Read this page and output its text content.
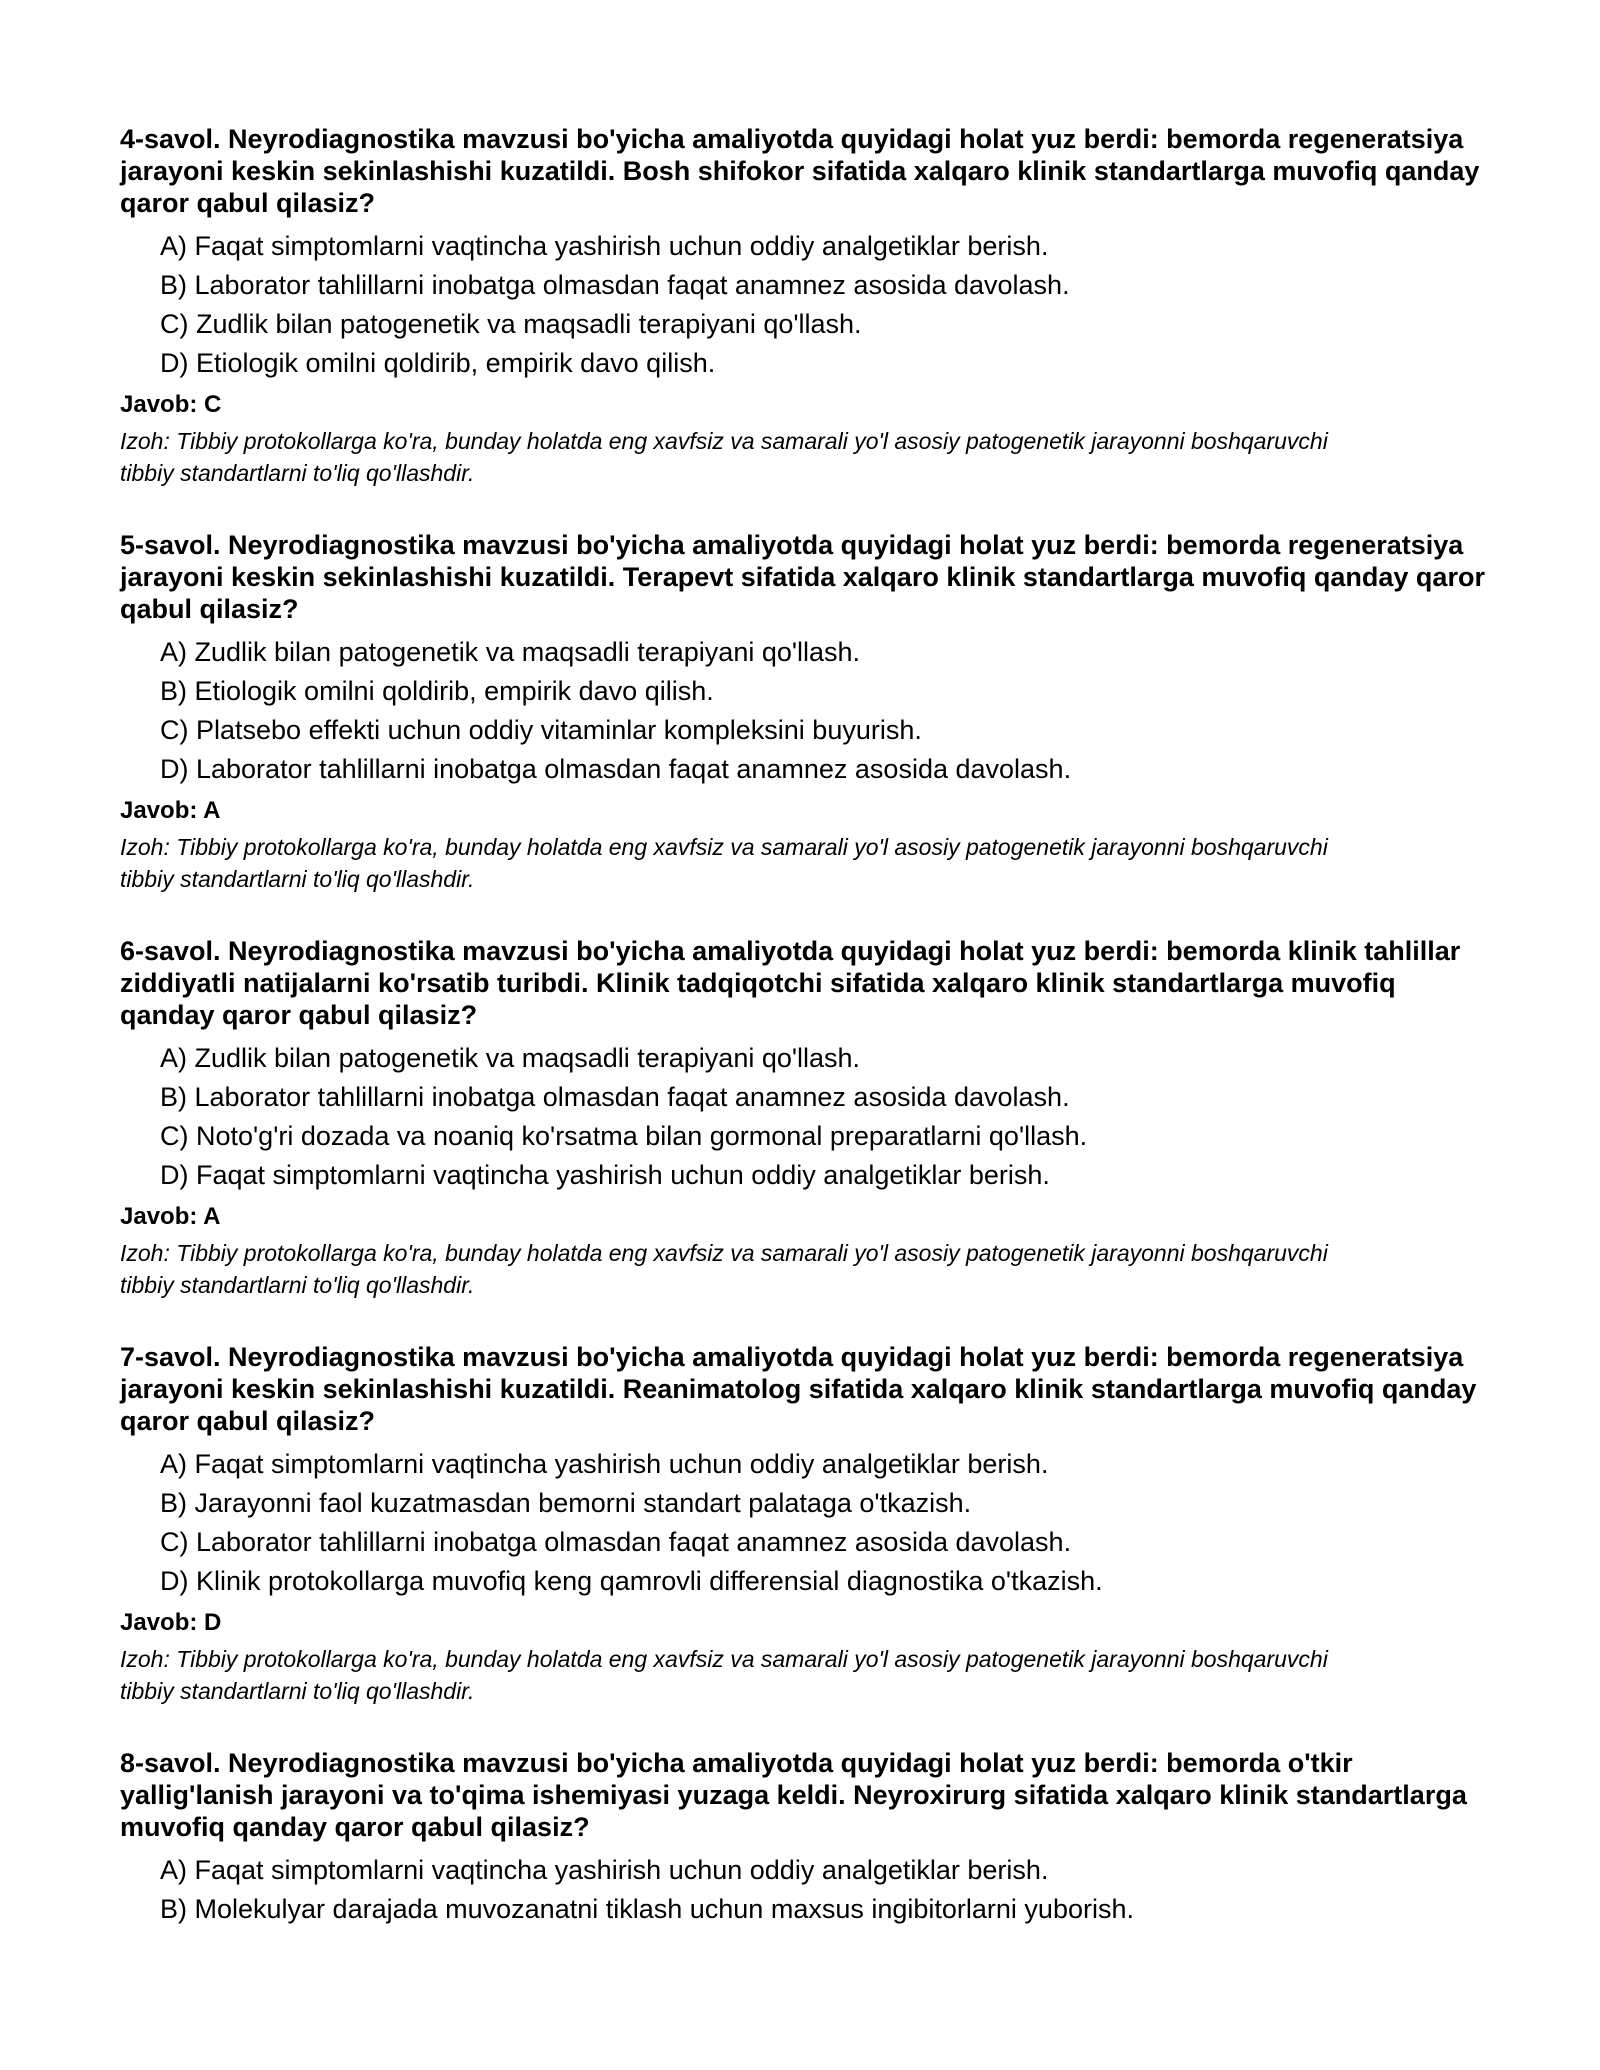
4-savol. Neyrodiagnostika mavzusi bo'yicha amaliyotda quyidagi holat yuz berdi: bemorda regeneratsiya jarayoni keskin sekinlashishi kuzatildi. Bosh shifokor sifatida xalqaro klinik standartlarga muvofiq qanday qaror qabul qilasiz?

A) Faqat simptomlarni vaqtincha yashirish uchun oddiy analgetiklar berish.
B) Laborator tahlillarni inobatga olmasdan faqat anamnez asosida davolash.
C) Zudlik bilan patogenetik va maqsadli terapiyani qo'llash.
D) Etiologik omilni qoldirib, empirik davo qilish.

Javob: C

Izoh: Tibbiy protokollarga ko'ra, bunday holatda eng xavfsiz va samarali yo'l asosiy patogenetik jarayonni boshqaruvchi tibbiy standartlarni to'liq qo'llashdir.

5-savol. Neyrodiagnostika mavzusi bo'yicha amaliyotda quyidagi holat yuz berdi: bemorda regeneratsiya jarayoni keskin sekinlashishi kuzatildi. Terapevt sifatida xalqaro klinik standartlarga muvofiq qanday qaror qabul qilasiz?

A) Zudlik bilan patogenetik va maqsadli terapiyani qo'llash.
B) Etiologik omilni qoldirib, empirik davo qilish.
C) Platsebo effekti uchun oddiy vitaminlar kompleksini buyurish.
D) Laborator tahlillarni inobatga olmasdan faqat anamnez asosida davolash.

Javob: A

Izoh: Tibbiy protokollarga ko'ra, bunday holatda eng xavfsiz va samarali yo'l asosiy patogenetik jarayonni boshqaruvchi tibbiy standartlarni to'liq qo'llashdir.

6-savol. Neyrodiagnostika mavzusi bo'yicha amaliyotda quyidagi holat yuz berdi: bemorda klinik tahlillar ziddiyatli natijalarni ko'rsatib turibdi. Klinik tadqiqotchi sifatida xalqaro klinik standartlarga muvofiq qanday qaror qabul qilasiz?

A) Zudlik bilan patogenetik va maqsadli terapiyani qo'llash.
B) Laborator tahlillarni inobatga olmasdan faqat anamnez asosida davolash.
C) Noto'g'ri dozada va noaniq ko'rsatma bilan gormonal preparatlarni qo'llash.
D) Faqat simptomlarni vaqtincha yashirish uchun oddiy analgetiklar berish.

Javob: A

Izoh: Tibbiy protokollarga ko'ra, bunday holatda eng xavfsiz va samarali yo'l asosiy patogenetik jarayonni boshqaruvchi tibbiy standartlarni to'liq qo'llashdir.

7-savol. Neyrodiagnostika mavzusi bo'yicha amaliyotda quyidagi holat yuz berdi: bemorda regeneratsiya jarayoni keskin sekinlashishi kuzatildi. Reanimatolog sifatida xalqaro klinik standartlarga muvofiq qanday qaror qabul qilasiz?

A) Faqat simptomlarni vaqtincha yashirish uchun oddiy analgetiklar berish.
B) Jarayonni faol kuzatmasdan bemorni standart palataga o'tkazish.
C) Laborator tahlillarni inobatga olmasdan faqat anamnez asosida davolash.
D) Klinik protokollarga muvofiq keng qamrovli differensial diagnostika o'tkazish.

Javob: D

Izoh: Tibbiy protokollarga ko'ra, bunday holatda eng xavfsiz va samarali yo'l asosiy patogenetik jarayonni boshqaruvchi tibbiy standartlarni to'liq qo'llashdir.

8-savol. Neyrodiagnostika mavzusi bo'yicha amaliyotda quyidagi holat yuz berdi: bemorda o'tkir yallig'lanish jarayoni va to'qima ishemiyasi yuzaga keldi. Neyroxirurg sifatida xalqaro klinik standartlarga muvofiq qanday qaror qabul qilasiz?

A) Faqat simptomlarni vaqtincha yashirish uchun oddiy analgetiklar berish.
B) Molekulyar darajada muvozanatni tiklash uchun maxsus ingibitorlarni yuborish.
